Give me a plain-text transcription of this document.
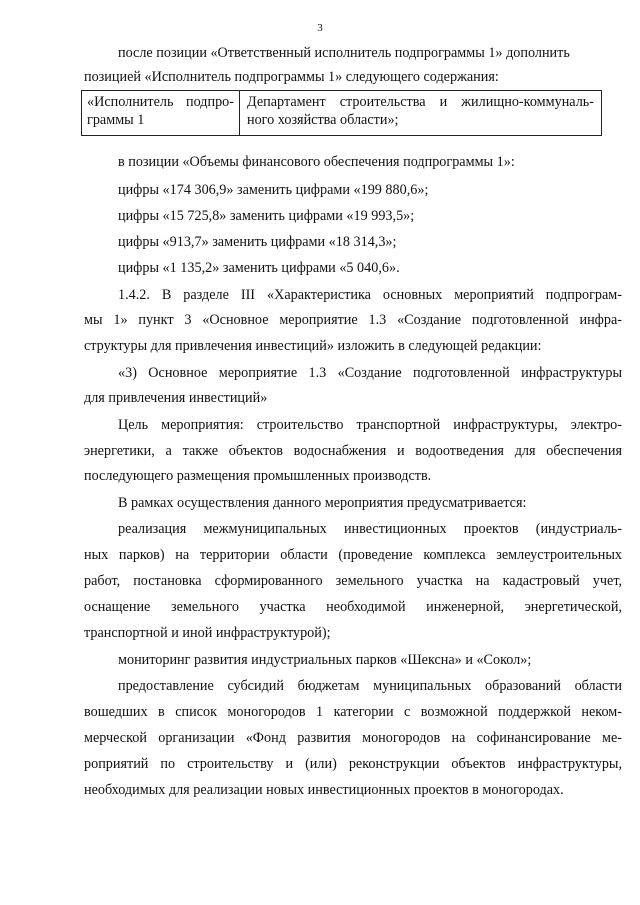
3
после позиции «Ответственный исполнитель подпрограммы 1» дополнить
позицией «Исполнитель подпрограммы 1» следующего содержания:
«Исполнитель подпро-
граммы 1
Департамент строительства и жилищно-коммуналь-
ного хозяйства области»;
в позиции «Объемы финансового обеспечения подпрограммы 1»:
цифры «174 306,9» заменить цифрами «199 880,6»;
цифры «15 725,8» заменить цифрами «19 993,5»;
цифры «913,7» заменить цифрами «18 314,3»;
цифры «1 135,2» заменить цифрами «5 040,6».
1.4.2. В разделе III «Характеристика основных мероприятий подпрограм-
мы 1» пункт 3 «Основное мероприятие 1.3 «Создание подготовленной инфра-
структуры для привлечения инвестиций» изложить в следующей редакции:
«3) Основное мероприятие 1.3 «Создание подготовленной инфраструктуры
для привлечения инвестиций»
Цель мероприятия: строительство транспортной инфраструктуры, электро-
энергетики, а также объектов водоснабжения и водоотведения для обеспечения
последующего размещения промышленных производств.
В рамках осуществления данного мероприятия предусматривается:
реализация межмуниципальных инвестиционных проектов (индустриаль-
ных парков) на территории области (проведение комплекса землеустроительных
работ, постановка сформированного земельного участка на кадастровый учет,
оснащение земельного участка необходимой инженерной, энергетической,
транспортной и иной инфраструктурой);
мониторинг развития индустриальных парков «Шексна» и «Сокол»;
предоставление субсидий бюджетам муниципальных образований области
вошедших в список моногородов 1 категории с возможной поддержкой неком-
мерческой организации «Фонд развития моногородов на софинансирование ме-
роприятий по строительству и (или) реконструкции объектов инфраструктуры,
необходимых для реализации новых инвестиционных проектов в моногородах.
